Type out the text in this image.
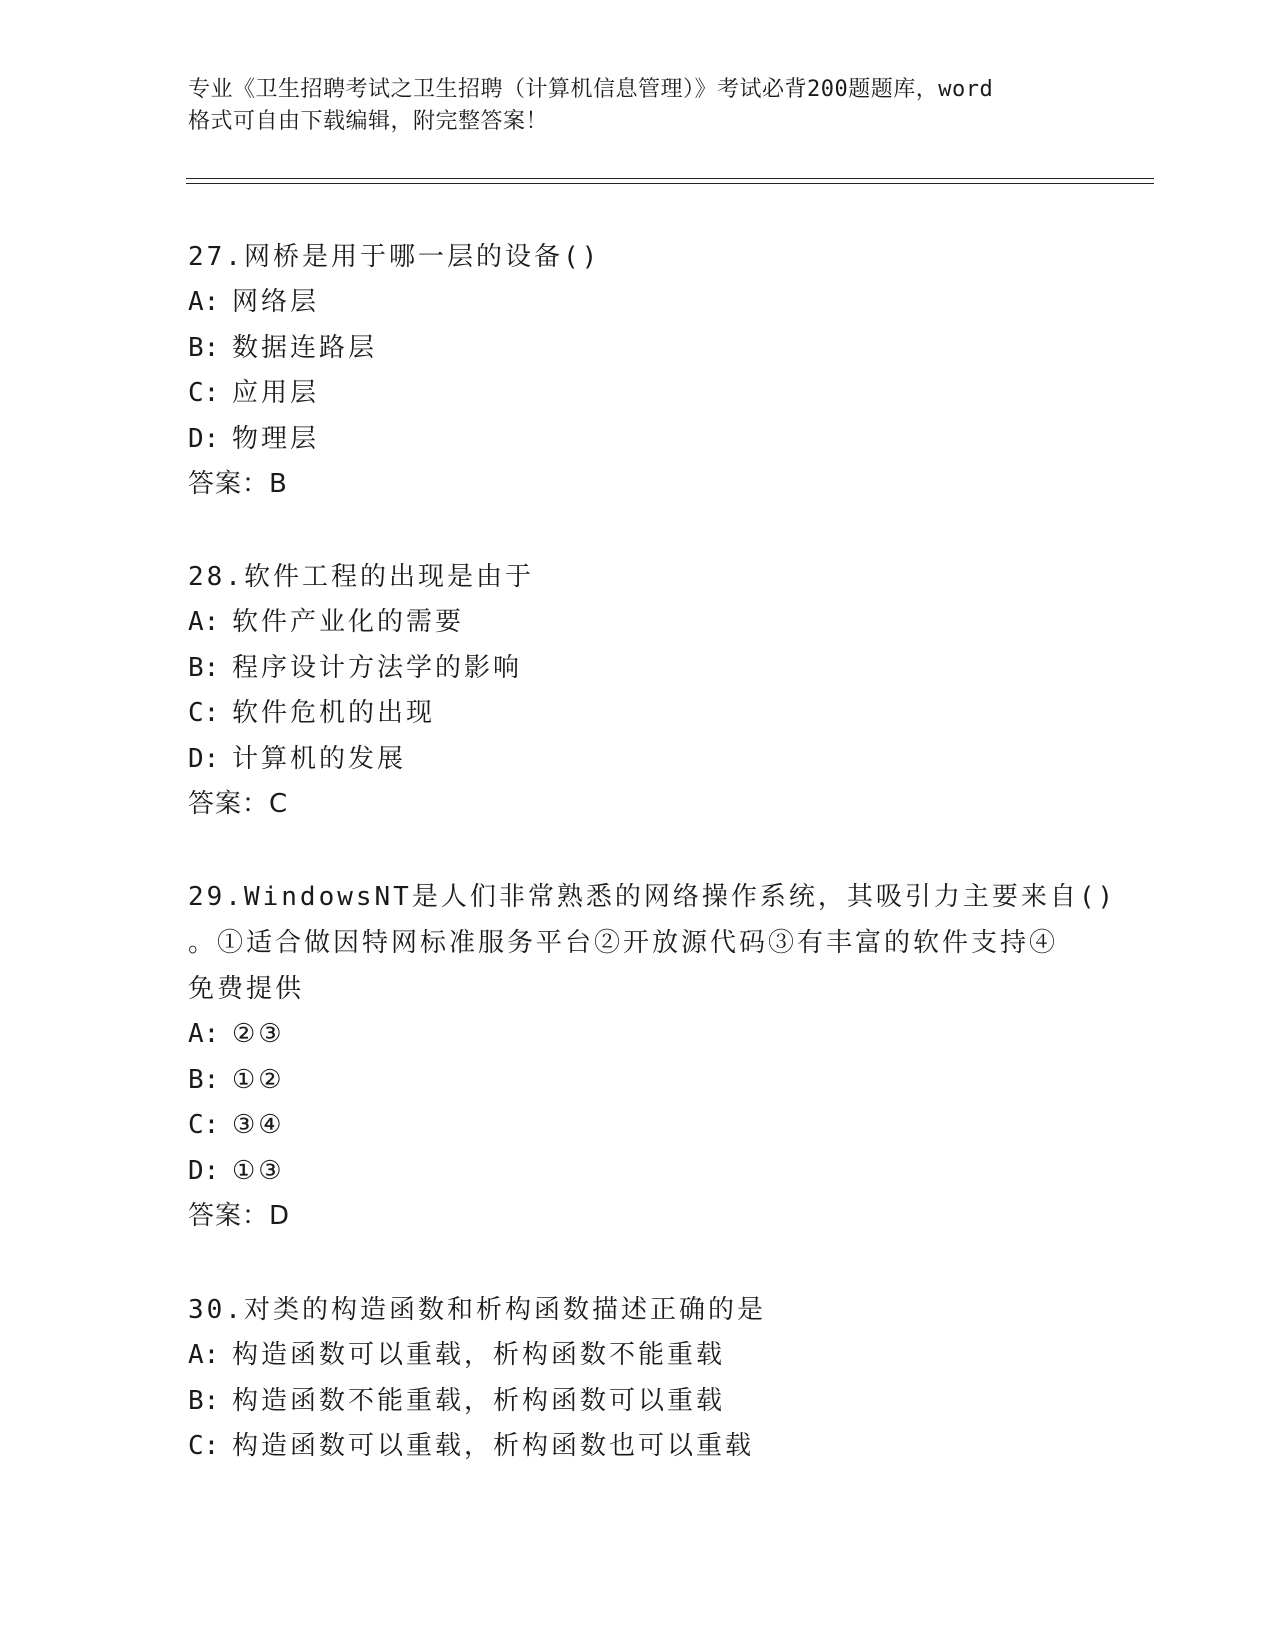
专业《卫生招聘考试之卫生招聘（计算机信息管理）》考试必背200题题库，word

格式可自由下载编辑，附完整答案！

27.网桥是用于哪一层的设备()
A: 网络层
B: 数据连路层
C: 应用层
D: 物理层
答案：B
28.软件工程的出现是由于
A: 软件产业化的需要
B: 程序设计方法学的影响
C: 软件危机的出现
D: 计算机的发展
答案：C
29.WindowsNT是人们非常熟悉的网络操作系统，其吸引力主要来自()
。①适合做因特网标准服务平台②开放源代码③有丰富的软件支持④
免费提供
A: ②③
B: ①②
C: ③④
D: ①③
答案：D
30.对类的构造函数和析构函数描述正确的是
A: 构造函数可以重载，析构函数不能重载
B: 构造函数不能重载，析构函数可以重载
C: 构造函数可以重载，析构函数也可以重载
